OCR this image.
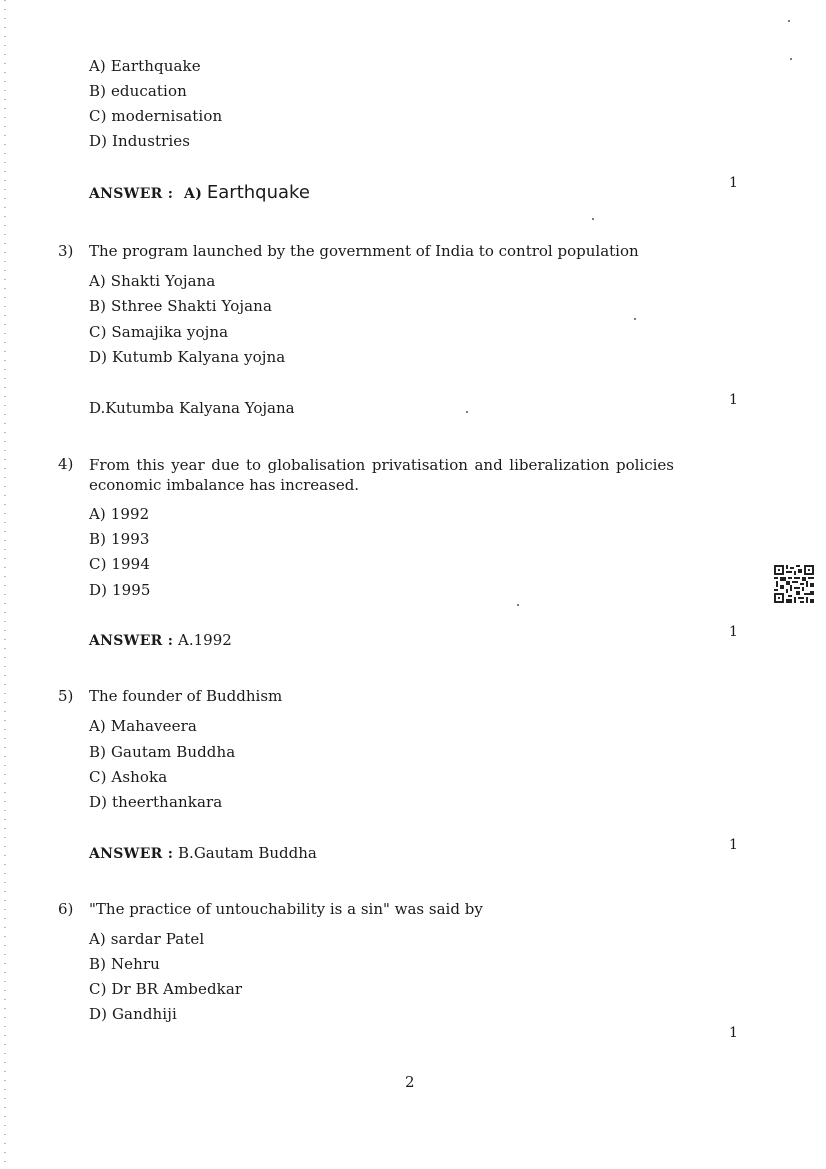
A) Earthquake
B) education
C) modernisation
D) Industries
ANSWER : A) Earthquake	1
3) The program launched by the government of India to control population
A) Shakti Yojana
B) Sthree Shakti Yojana
C) Samajika yojna
D) Kutumb Kalyana yojna
D.Kutumba Kalyana Yojana	1
4) From this year due to globalisation privatisation and liberalization policies economic imbalance has increased.
A) 1992
B) 1993
C) 1994
D) 1995
ANSWER : A.1992	1
5) The founder of Buddhism
A) Mahaveera
B) Gautam Buddha
C) Ashoka
D) theerthankara
ANSWER : B.Gautam Buddha	1
6) "The practice of untouchability is a sin" was said by
A) sardar Patel
B) Nehru
C) Dr BR Ambedkar
D) Gandhiji
1
2
